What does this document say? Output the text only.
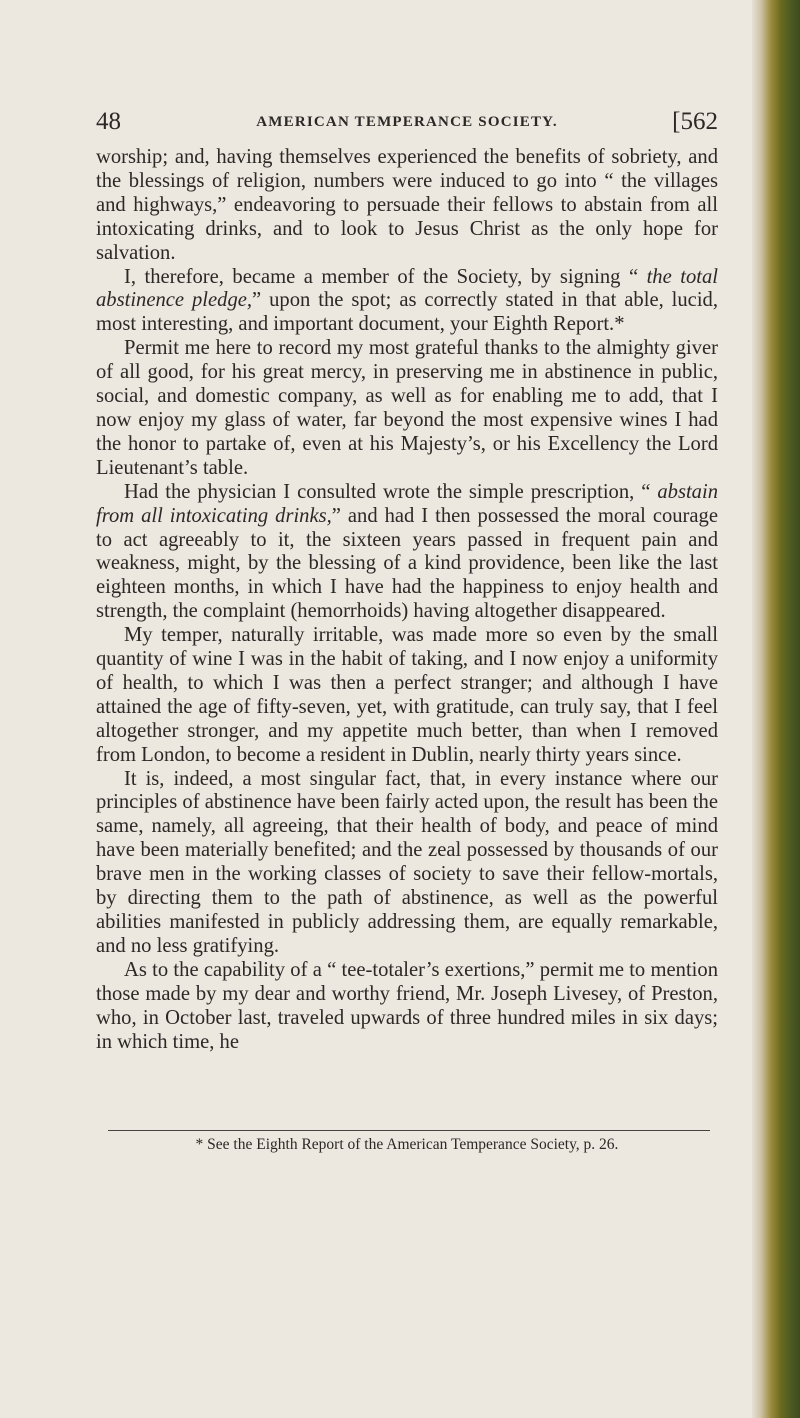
48	AMERICAN TEMPERANCE SOCIETY.	[562

worship; and, having themselves experienced the benefits of sobriety, and the blessings of religion, numbers were induced to go into “ the villages and highways,” endeavoring to persuade their fellows to abstain from all intoxicating drinks, and to look to Jesus Christ as the only hope for salvation.

I, therefore, became a member of the Society, by signing “ the total abstinence pledge,” upon the spot; as correctly stated in that able, lucid, most interesting, and important document, your Eighth Report.*

Permit me here to record my most grateful thanks to the almighty giver of all good, for his great mercy, in preserving me in abstinence in public, social, and domestic company, as well as for enabling me to add, that I now enjoy my glass of water, far beyond the most expensive wines I had the honor to partake of, even at his Majesty’s, or his Excellency the Lord Lieutenant’s table.

Had the physician I consulted wrote the simple prescription, “ abstain from all intoxicating drinks,” and had I then possessed the moral courage to act agreeably to it, the sixteen years passed in frequent pain and weakness, might, by the blessing of a kind providence, been like the last eighteen months, in which I have had the happiness to enjoy health and strength, the complaint (hemorrhoids) having altogether disappeared.

My temper, naturally irritable, was made more so even by the small quantity of wine I was in the habit of taking, and I now enjoy a uniformity of health, to which I was then a perfect stranger; and although I have attained the age of fifty-seven, yet, with gratitude, can truly say, that I feel altogether stronger, and my appetite much better, than when I removed from London, to become a resident in Dublin, nearly thirty years since.

It is, indeed, a most singular fact, that, in every instance where our principles of abstinence have been fairly acted upon, the result has been the same, namely, all agreeing, that their health of body, and peace of mind have been materially benefited; and the zeal possessed by thousands of our brave men in the working classes of society to save their fellow-mortals, by directing them to the path of abstinence, as well as the powerful abilities manifested in publicly addressing them, are equally remarkable, and no less gratifying.

As to the capability of a “ tee-totaler’s exertions,” permit me to mention those made by my dear and worthy friend, Mr. Joseph Livesey, of Preston, who, in October last, traveled upwards of three hundred miles in six days; in which time, he

* See the Eighth Report of the American Temperance Society, p. 26.
